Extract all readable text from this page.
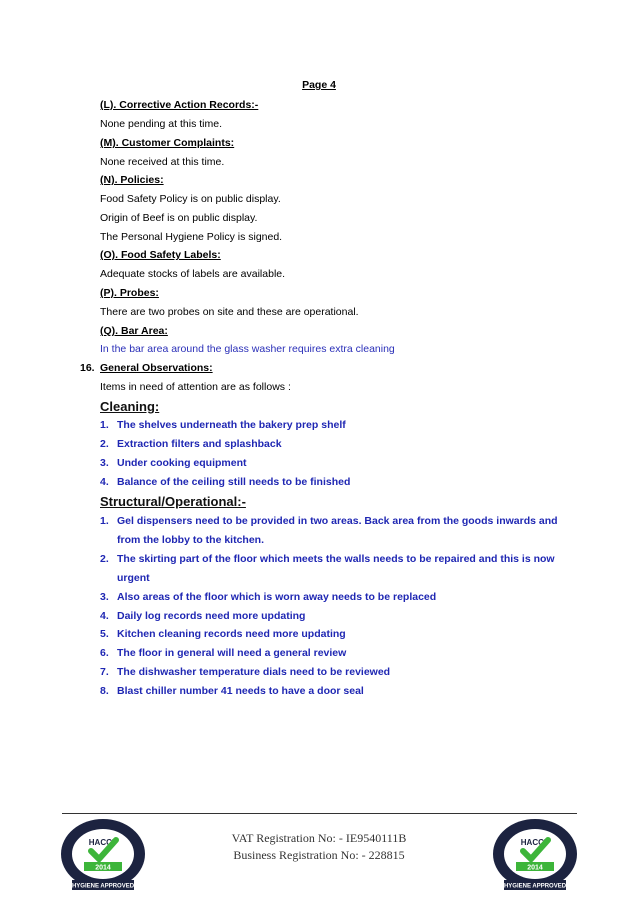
Page 4
(L). Corrective Action Records:-
None pending at this time.
(M). Customer Complaints:
None received at this time.
(N). Policies:
Food Safety Policy is on public display.
Origin of Beef is on public display.
The Personal Hygiene Policy is signed.
(O). Food Safety Labels:
Adequate stocks of labels are available.
(P). Probes:
There are two probes on site and these are operational.
(Q). Bar Area:
In the bar area around the glass washer requires extra cleaning
16. General Observations:
Items in need of attention are as follows :
Cleaning:
1. The shelves underneath the bakery prep shelf
2. Extraction filters and splashback
3. Under cooking equipment
4. Balance of the ceiling still needs to be finished
Structural/Operational:-
1. Gel dispensers need to be provided in two areas. Back area from the goods inwards and
from the lobby to the kitchen.
2. The skirting part of the floor which meets the walls needs to be repaired and this is now
urgent
3. Also areas of the floor which is worn away needs to be replaced
4. Daily log records need more updating
5. Kitchen cleaning records need more updating
6. The floor in general will need a general review
7. The dishwasher temperature dials need to be reviewed
8. Blast chiller number 41 needs to have a door seal
VAT Registration No: - IE9540111B
Business Registration No: - 228815
HACCP
2014
HYGIENE APPROVED
HACCP
2014
HYGIENE APPROVED
